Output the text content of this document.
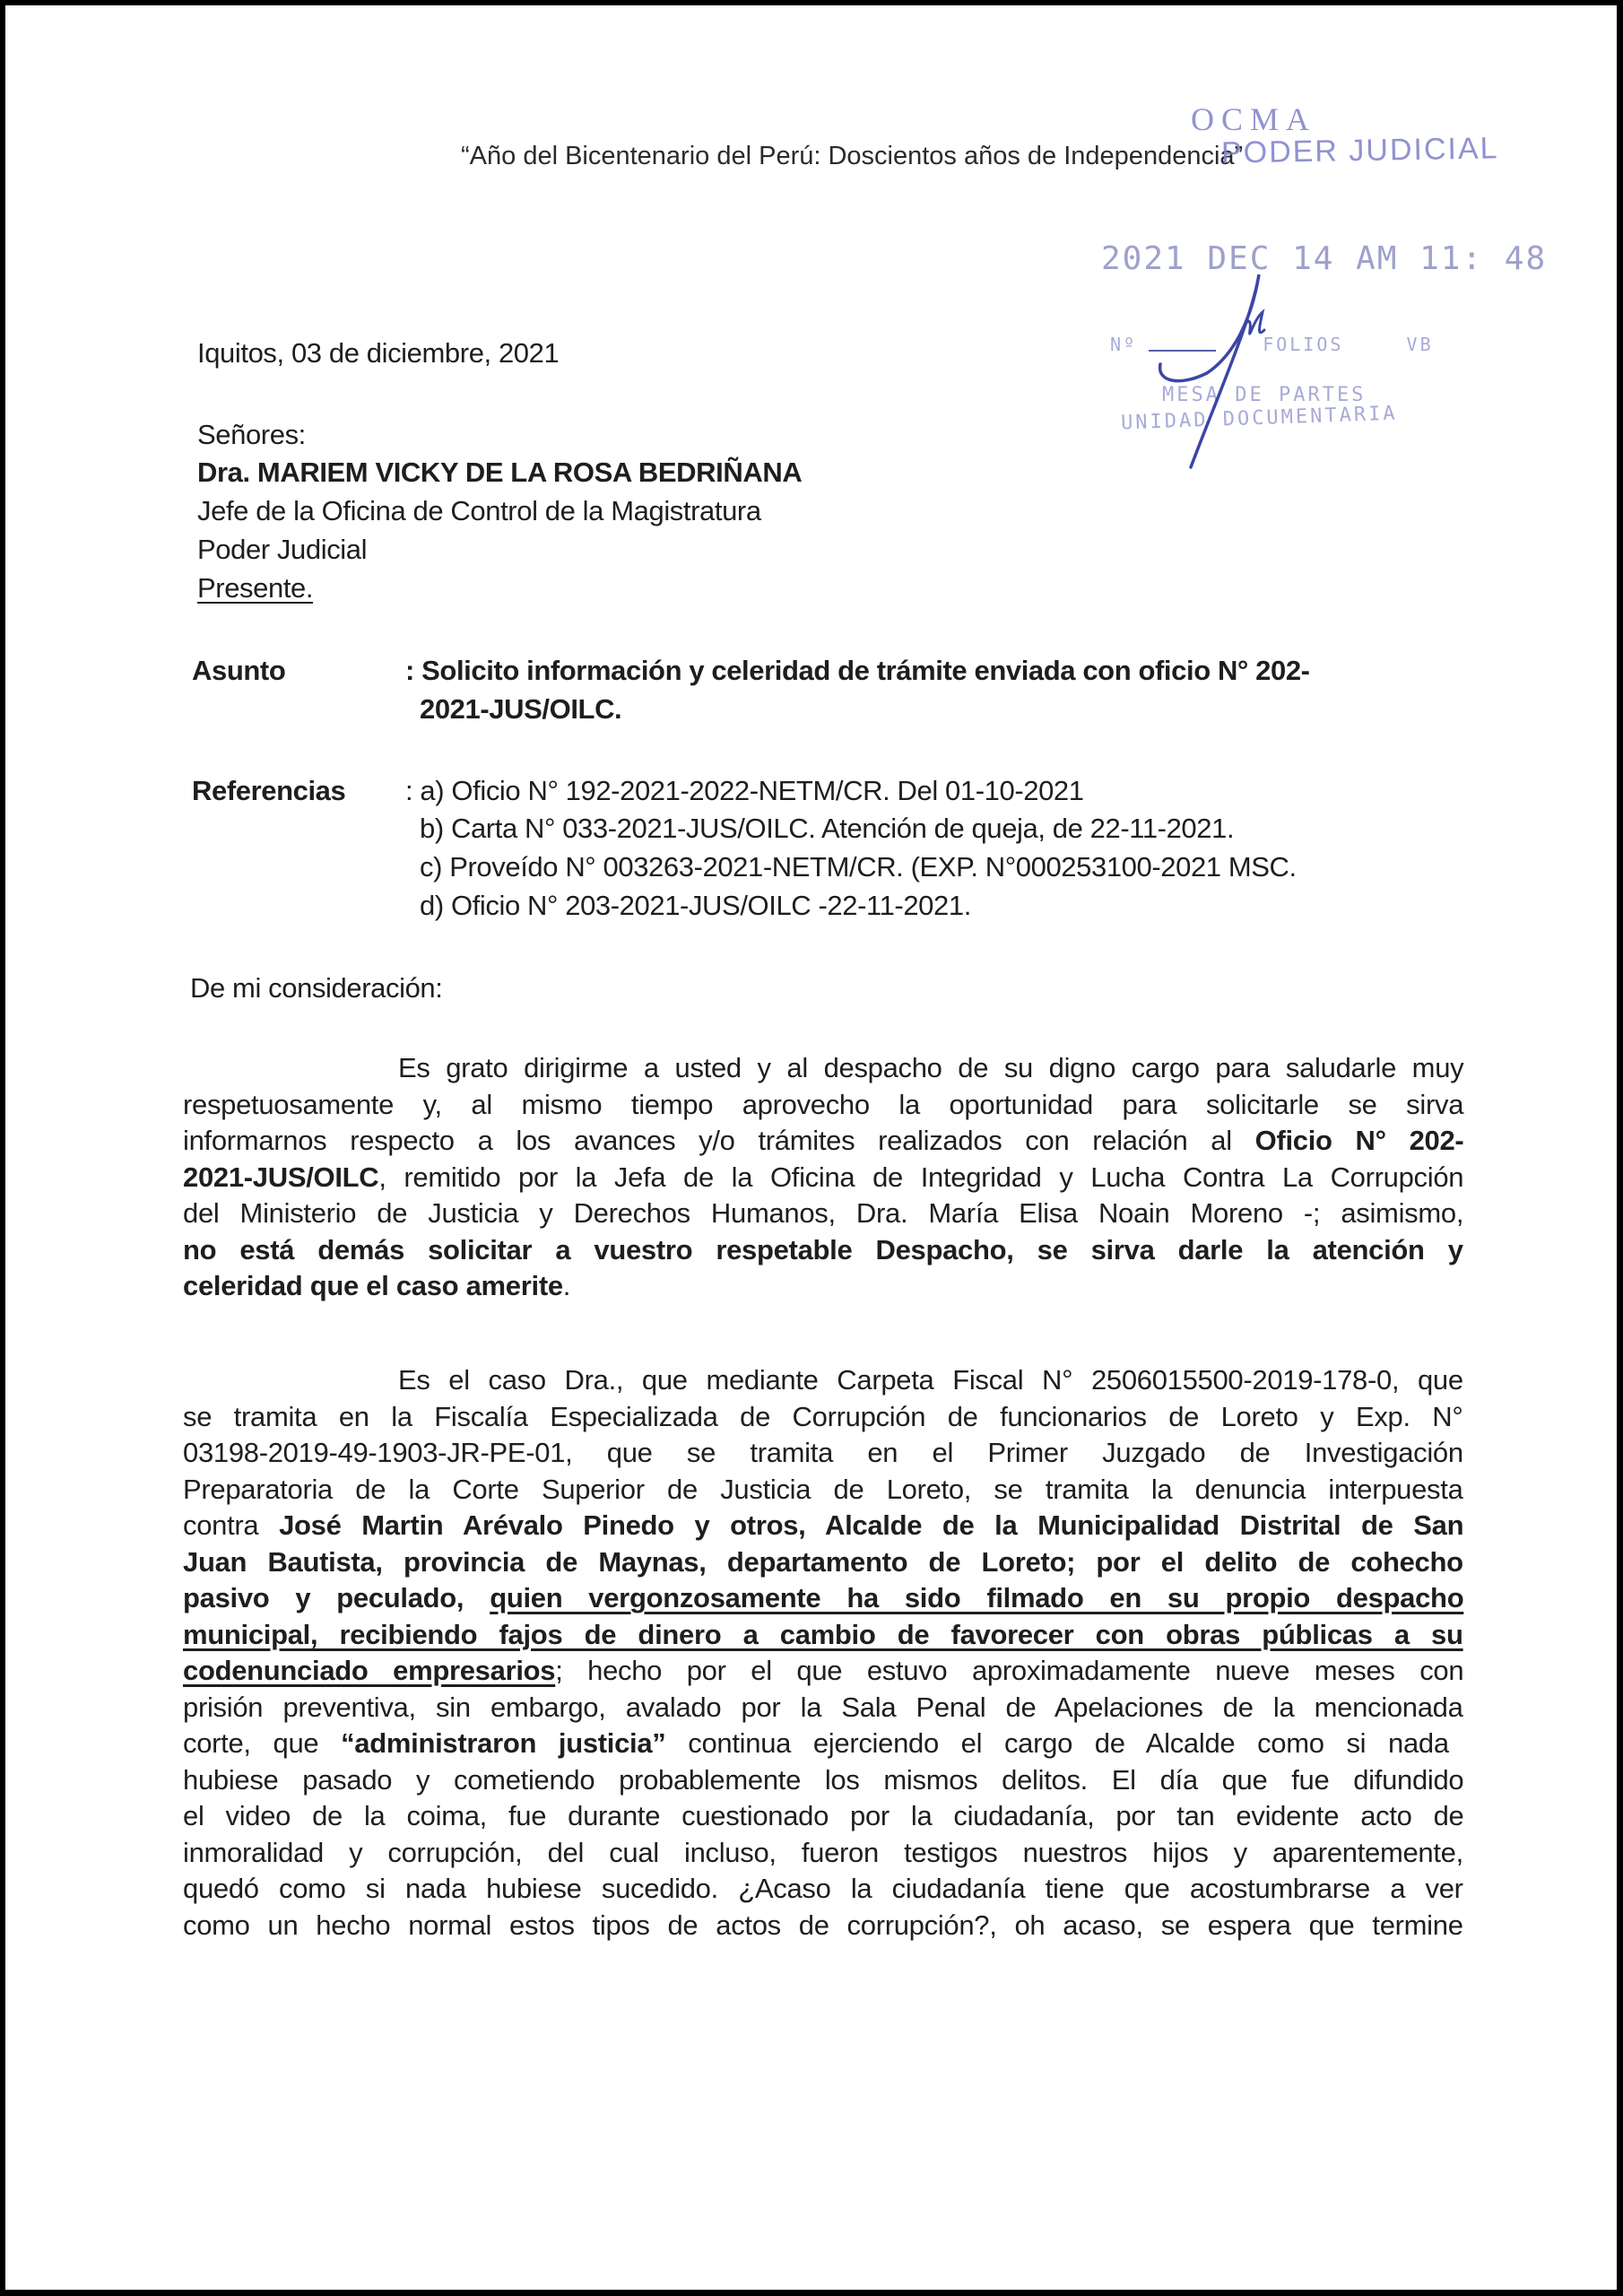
“Año del Bicentenario del Perú: Doscientos años de Independencia”
OCMA
PODER JUDICIAL
2021 DEC 14 AM 11: 48
Nº	FOLIOS	VB
MESA DE PARTES
UNIDAD DOCUMENTARIA
Iquitos, 03 de diciembre, 2021
Señores:
Dra. MARIEM VICKY DE LA ROSA BEDRIÑANA
Jefe de la Oficina de Control de la Magistratura
Poder Judicial
Presente.
Asunto	: Solicito información y celeridad de trámite enviada con oficio N° 202-
2021-JUS/OILC.
Referencias : a) Oficio N° 192-2021-2022-NETM/CR. Del 01-10-2021
b) Carta N° 033-2021-JUS/OILC. Atención de queja, de 22-11-2021.
c) Proveído N° 003263-2021-NETM/CR. (EXP. N°000253100-2021 MSC.
d) Oficio N° 203-2021-JUS/OILC -22-11-2021.
De mi consideración:
Es grato dirigirme a usted y al despacho de su digno cargo para saludarle muy
respetuosamente y, al mismo tiempo aprovecho la oportunidad para solicitarle se sirva
informarnos respecto a los avances y/o trámites realizados con relación al Oficio N° 202-
2021-JUS/OILC, remitido por la Jefa de la Oficina de Integridad y Lucha Contra La Corrupción
del Ministerio de Justicia y Derechos Humanos, Dra. María Elisa Noain Moreno -; asimismo,
no está demás solicitar a vuestro respetable Despacho, se sirva darle la atención y
celeridad que el caso amerite.
Es el caso Dra., que mediante Carpeta Fiscal N° 2506015500-2019-178-0, que
se tramita en la Fiscalía Especializada de Corrupción de funcionarios de Loreto y Exp. N°
03198-2019-49-1903-JR-PE-01, que se tramita en el Primer Juzgado de Investigación
Preparatoria de la Corte Superior de Justicia de Loreto, se tramita la denuncia interpuesta
contra José Martin Arévalo Pinedo y otros, Alcalde de la Municipalidad Distrital de San
Juan Bautista, provincia de Maynas, departamento de Loreto; por el delito de cohecho
pasivo y peculado, quien vergonzosamente ha sido filmado en su propio despacho
municipal, recibiendo fajos de dinero a cambio de favorecer con obras públicas a su
codenunciado empresarios; hecho por el que estuvo aproximadamente nueve meses con
prisión preventiva, sin embargo, avalado por la Sala Penal de Apelaciones de la mencionada
corte, que “administraron justicia” continua ejerciendo el cargo de Alcalde como si nada
hubiese pasado y cometiendo probablemente los mismos delitos. El día que fue difundido
el video de la coima, fue durante cuestionado por la ciudadanía, por tan evidente acto de
inmoralidad y corrupción, del cual incluso, fueron testigos nuestros hijos y aparentemente,
quedó como si nada hubiese sucedido. ¿Acaso la ciudadanía tiene que acostumbrarse a ver
como un hecho normal estos tipos de actos de corrupción?, oh acaso, se espera que termine
